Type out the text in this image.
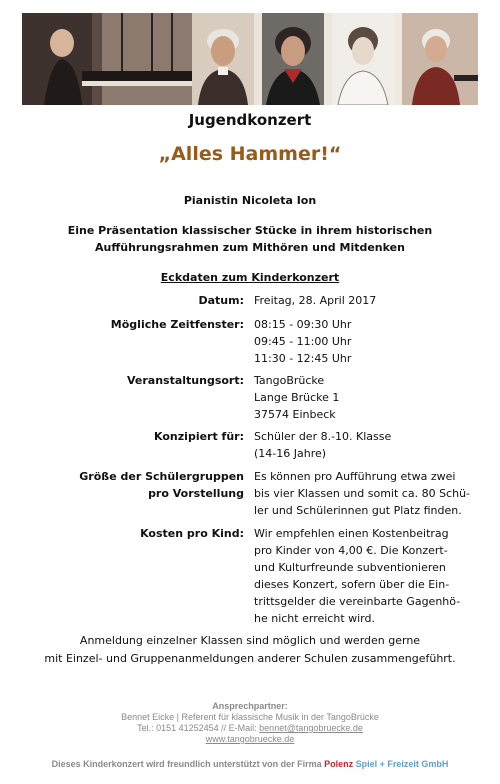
Jugendkonzert
„Alles Hammer!“
Pianistin Nicoleta Ion
Eine Präsentation klassischer Stücke in ihrem historischen
Aufführungsrahmen zum Mithören und Mitdenken
Eckdaten zum Kinderkonzert
Datum: Freitag, 28. April 2017
Mögliche Zeitfenster: 08:15 - 09:30 Uhr
09:45 - 11:00 Uhr
11:30 - 12:45 Uhr
Veranstaltungsort: TangoBrücke
Lange Brücke 1
37574 Einbeck
Konzipiert für: Schüler der 8.-10. Klasse
(14-16 Jahre)
Größe der Schülergruppen
pro Vorstellung
Es können pro Aufführung etwa zwei
bis vier Klassen und somit ca. 80 Schü-
ler und Schülerinnen gut Platz finden.
Kosten pro Kind: Wir empfehlen einen Kostenbeitrag
pro Kinder von 4,00 €. Die Konzert-
und Kulturfreunde subventionieren
dieses Konzert, sofern über die Ein-
trittsgelder die vereinbarte Gagenhö-
he nicht erreicht wird.
Anmeldung einzelner Klassen sind möglich und werden gerne
mit Einzel- und Gruppenanmeldungen anderer Schulen zusammengeführt.
Ansprechpartner:
Bennet Eicke | Referent für klassische Musik in der TangoBrücke
Tel.: 0151 41252454 // E-Mail: bennet@tangobruecke.de
www.tangobruecke.de
Dieses Kinderkonzert wird freundlich unterstützt von der Firma Polenz Spiel + Freizeit GmbH
